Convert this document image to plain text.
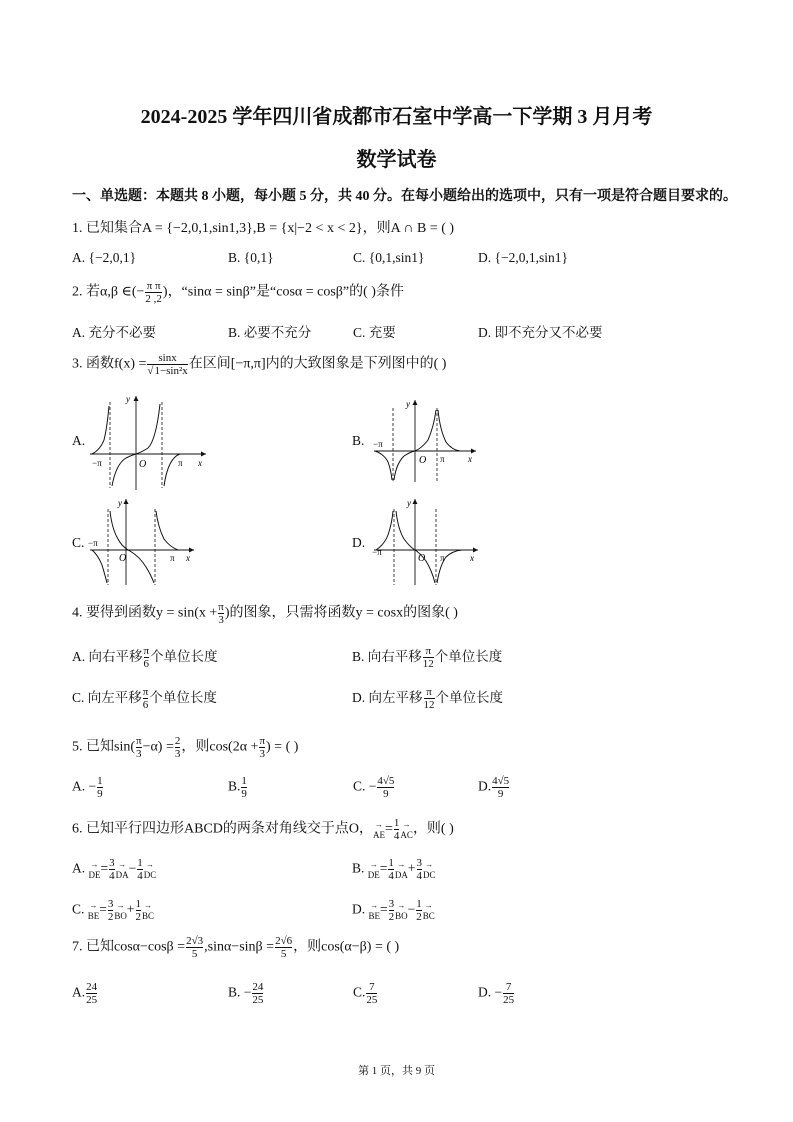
2024-2025 学年四川省成都市石室中学高一下学期 3 月月考
数学试卷
一、单选题：本题共 8 小题，每小题 5 分，共 40 分。在每小题给出的选项中，只有一项是符合题目要求的。
1. 已知集合A = {−2,0,1,sin1,3},B = {x|−2 < x < 2}，则A ∩ B = ( )
A. {−2,0,1}	B. {0,1}	C. {0,1,sin1}	D. {−2,0,1,sin1}
2. 若α,β ∈(− $\frac{\text{π π}}{2 ,2}$ )，“sinα = sinβ”是“cosα = cosβ”的( )条件
A. 充分不必要	B. 必要不充分	C. 充要	D. 即不充分又不必要
3. 函数$f(x) = \frac{\sin x}{\text{√1−sin²x}}$ 在区间[−π,π]内的大致图象是下列图中的( )
A.	B.
C.	D.
y
x
O
−π	π
y
x
O
−π
π
y
x
O
−π
π
y
x
O
−π
π
4. 要得到函数$y = \sin(x + \frac{\pi}{3}$ )的图象，只需将函数y = cosx的图象( )
A. 向右平移 $\frac{\pi}{6}$ 个单位长度	B. 向右平移 $\frac{\pi}{12}$ 个单位长度
C. 向左平移 $\frac{\pi}{6}$ 个单位长度	D. 向左平移 $\frac{\pi}{12}$ 个单位长度
5. 已知$\sin( \frac{\pi}{3} -\alpha) = \frac{2}{3}$ ，则$\cos(2\alpha + \frac{\pi}{3}$ ) = ( )
A. − $\frac{1}{9}$	B. $\frac{1}{9}$	C. − $\frac{4√5}{9}$	D. $\frac{4√5}{9}$
6. 已知平行四边形ABCD的两条对角线交于点O， →
AE = $\frac{1}{4}$ →
AC ，则( )
A. →
DE = $\frac{3}{4}$ →
DA − $\frac{1}{4}$ →
DC	B. →
DE = $\frac{1}{4}$ →
DA + $\frac{3}{4}$ →
DC
C. →
BE = $\frac{3}{2}$ →
BO + $\frac{1}{2}$ →
BC	D. →
BE = $\frac{3}{2}$ →
BO − $\frac{1}{2}$ →
BC
7. 已知$\cos\alpha-\cos\beta = \frac{2√3}{5} ,\sin\alpha-\sin\beta = \frac{2√6}{5}$ ，则cos(α−β) = ( )
A. $\frac{24}{25}$	B. − $\frac{24}{25}$	C. $\frac{7}{25}$	D. − $\frac{7}{25}$
第 1 页，共 9 页
